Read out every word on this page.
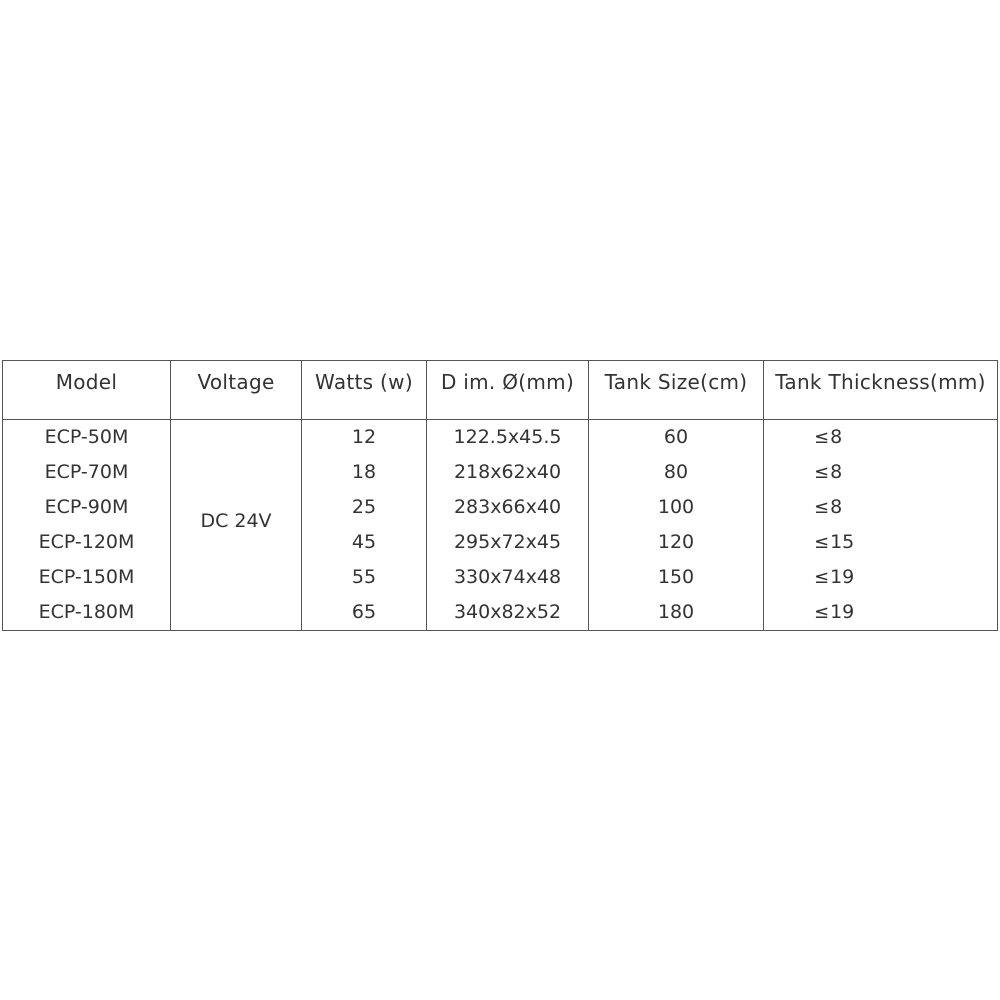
Model	Voltage	Watts (w)	D im. Ø(mm)	Tank Size(cm)	Tank Thickness(mm)
ECP-50M	DC 24V	12	122.5x45.5	60	≤8
ECP-70M		18	218x62x40	80	≤8
ECP-90M		25	283x66x40	100	≤8
ECP-120M		45	295x72x45	120	≤15
ECP-150M		55	330x74x48	150	≤19
ECP-180M		65	340x82x52	180	≤19
